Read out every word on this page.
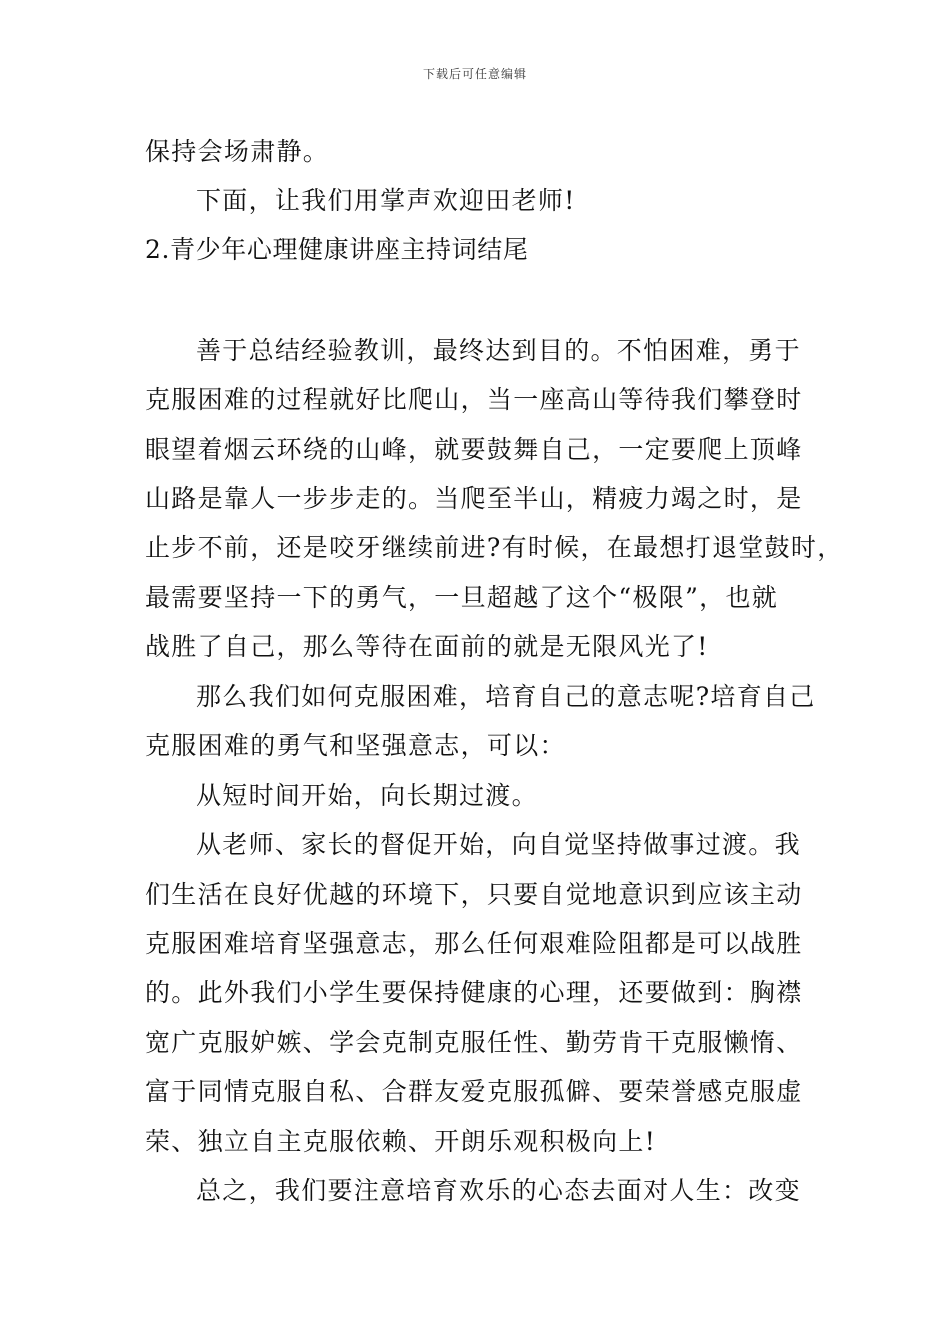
下载后可任意编辑
保持会场肃静。
下面，让我们用掌声欢迎田老师!
2.青少年心理健康讲座主持词结尾
善于总结经验教训，最终达到目的。不怕困难，勇于
克服困难的过程就好比爬山，当一座高山等待我们攀登时
眼望着烟云环绕的山峰，就要鼓舞自己，一定要爬上顶峰
山路是靠人一步步走的。当爬至半山，精疲力竭之时，是
止步不前，还是咬牙继续前进?有时候，在最想打退堂鼓时，
最需要坚持一下的勇气，一旦超越了这个“极限”，也就
战胜了自己，那么等待在面前的就是无限风光了!
那么我们如何克服困难，培育自己的意志呢?培育自己
克服困难的勇气和坚强意志，可以：
从短时间开始，向长期过渡。
从老师、家长的督促开始，向自觉坚持做事过渡。我
们生活在良好优越的环境下，只要自觉地意识到应该主动
克服困难培育坚强意志，那么任何艰难险阻都是可以战胜
的。此外我们小学生要保持健康的心理，还要做到：胸襟
宽广克服妒嫉、学会克制克服任性、勤劳肯干克服懒惰、
富于同情克服自私、合群友爱克服孤僻、要荣誉感克服虚
荣、独立自主克服依赖、开朗乐观积极向上!
总之，我们要注意培育欢乐的心态去面对人生：改变
